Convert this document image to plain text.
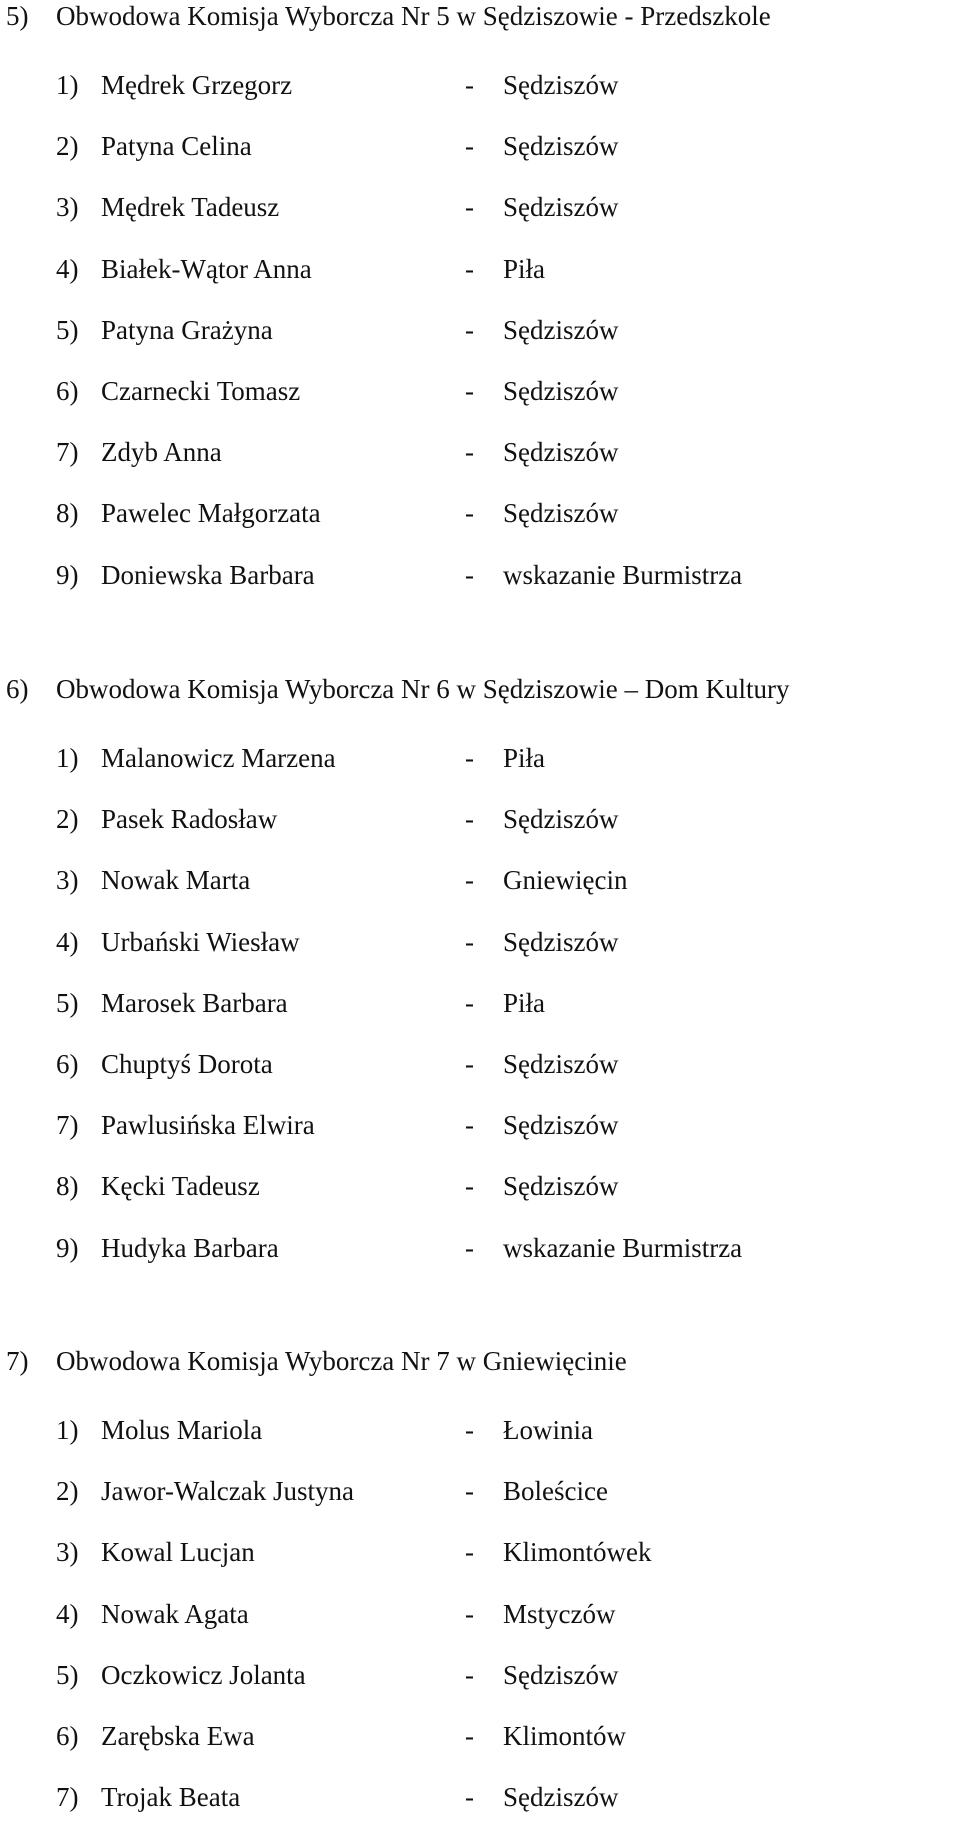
5) Obwodowa Komisja Wyborcza Nr 5 w Sędziszowie - Przedszkole
6) Obwodowa Komisja Wyborcza Nr 6 w Sędziszowie – Dom Kultury
7) Obwodowa Komisja Wyborcza Nr 7 w Gniewięcinie
1) Mędrek Grzegorz	- Sędziszów
2) Patyna Celina	- Sędziszów
3) Mędrek Tadeusz	- Sędziszów
4) Białek-Wątor Anna	- Piła
5) Patyna Grażyna	- Sędziszów
6) Czarnecki Tomasz	- Sędziszów
7) Zdyb Anna	- Sędziszów
8) Pawelec Małgorzata	- Sędziszów
9) Doniewska Barbara	- wskazanie Burmistrza
1) Malanowicz Marzena	- Piła
2) Pasek Radosław	- Sędziszów
3) Nowak Marta	- Gniewięcin
4) Urbański Wiesław	- Sędziszów
5) Marosek Barbara	- Piła
6) Chuptyś Dorota	- Sędziszów
7) Pawlusińska Elwira	- Sędziszów
8) Kęcki Tadeusz	- Sędziszów
9) Hudyka Barbara	- wskazanie Burmistrza
1) Molus Mariola	- Łowinia
2) Jawor-Walczak Justyna	- Boleścice
3) Kowal Lucjan	- Klimontówek
4) Nowak Agata	- Mstyczów
5) Oczkowicz Jolanta	- Sędziszów
6) Zarębska Ewa	- Klimontów
7) Trojak Beata	- Sędziszów
